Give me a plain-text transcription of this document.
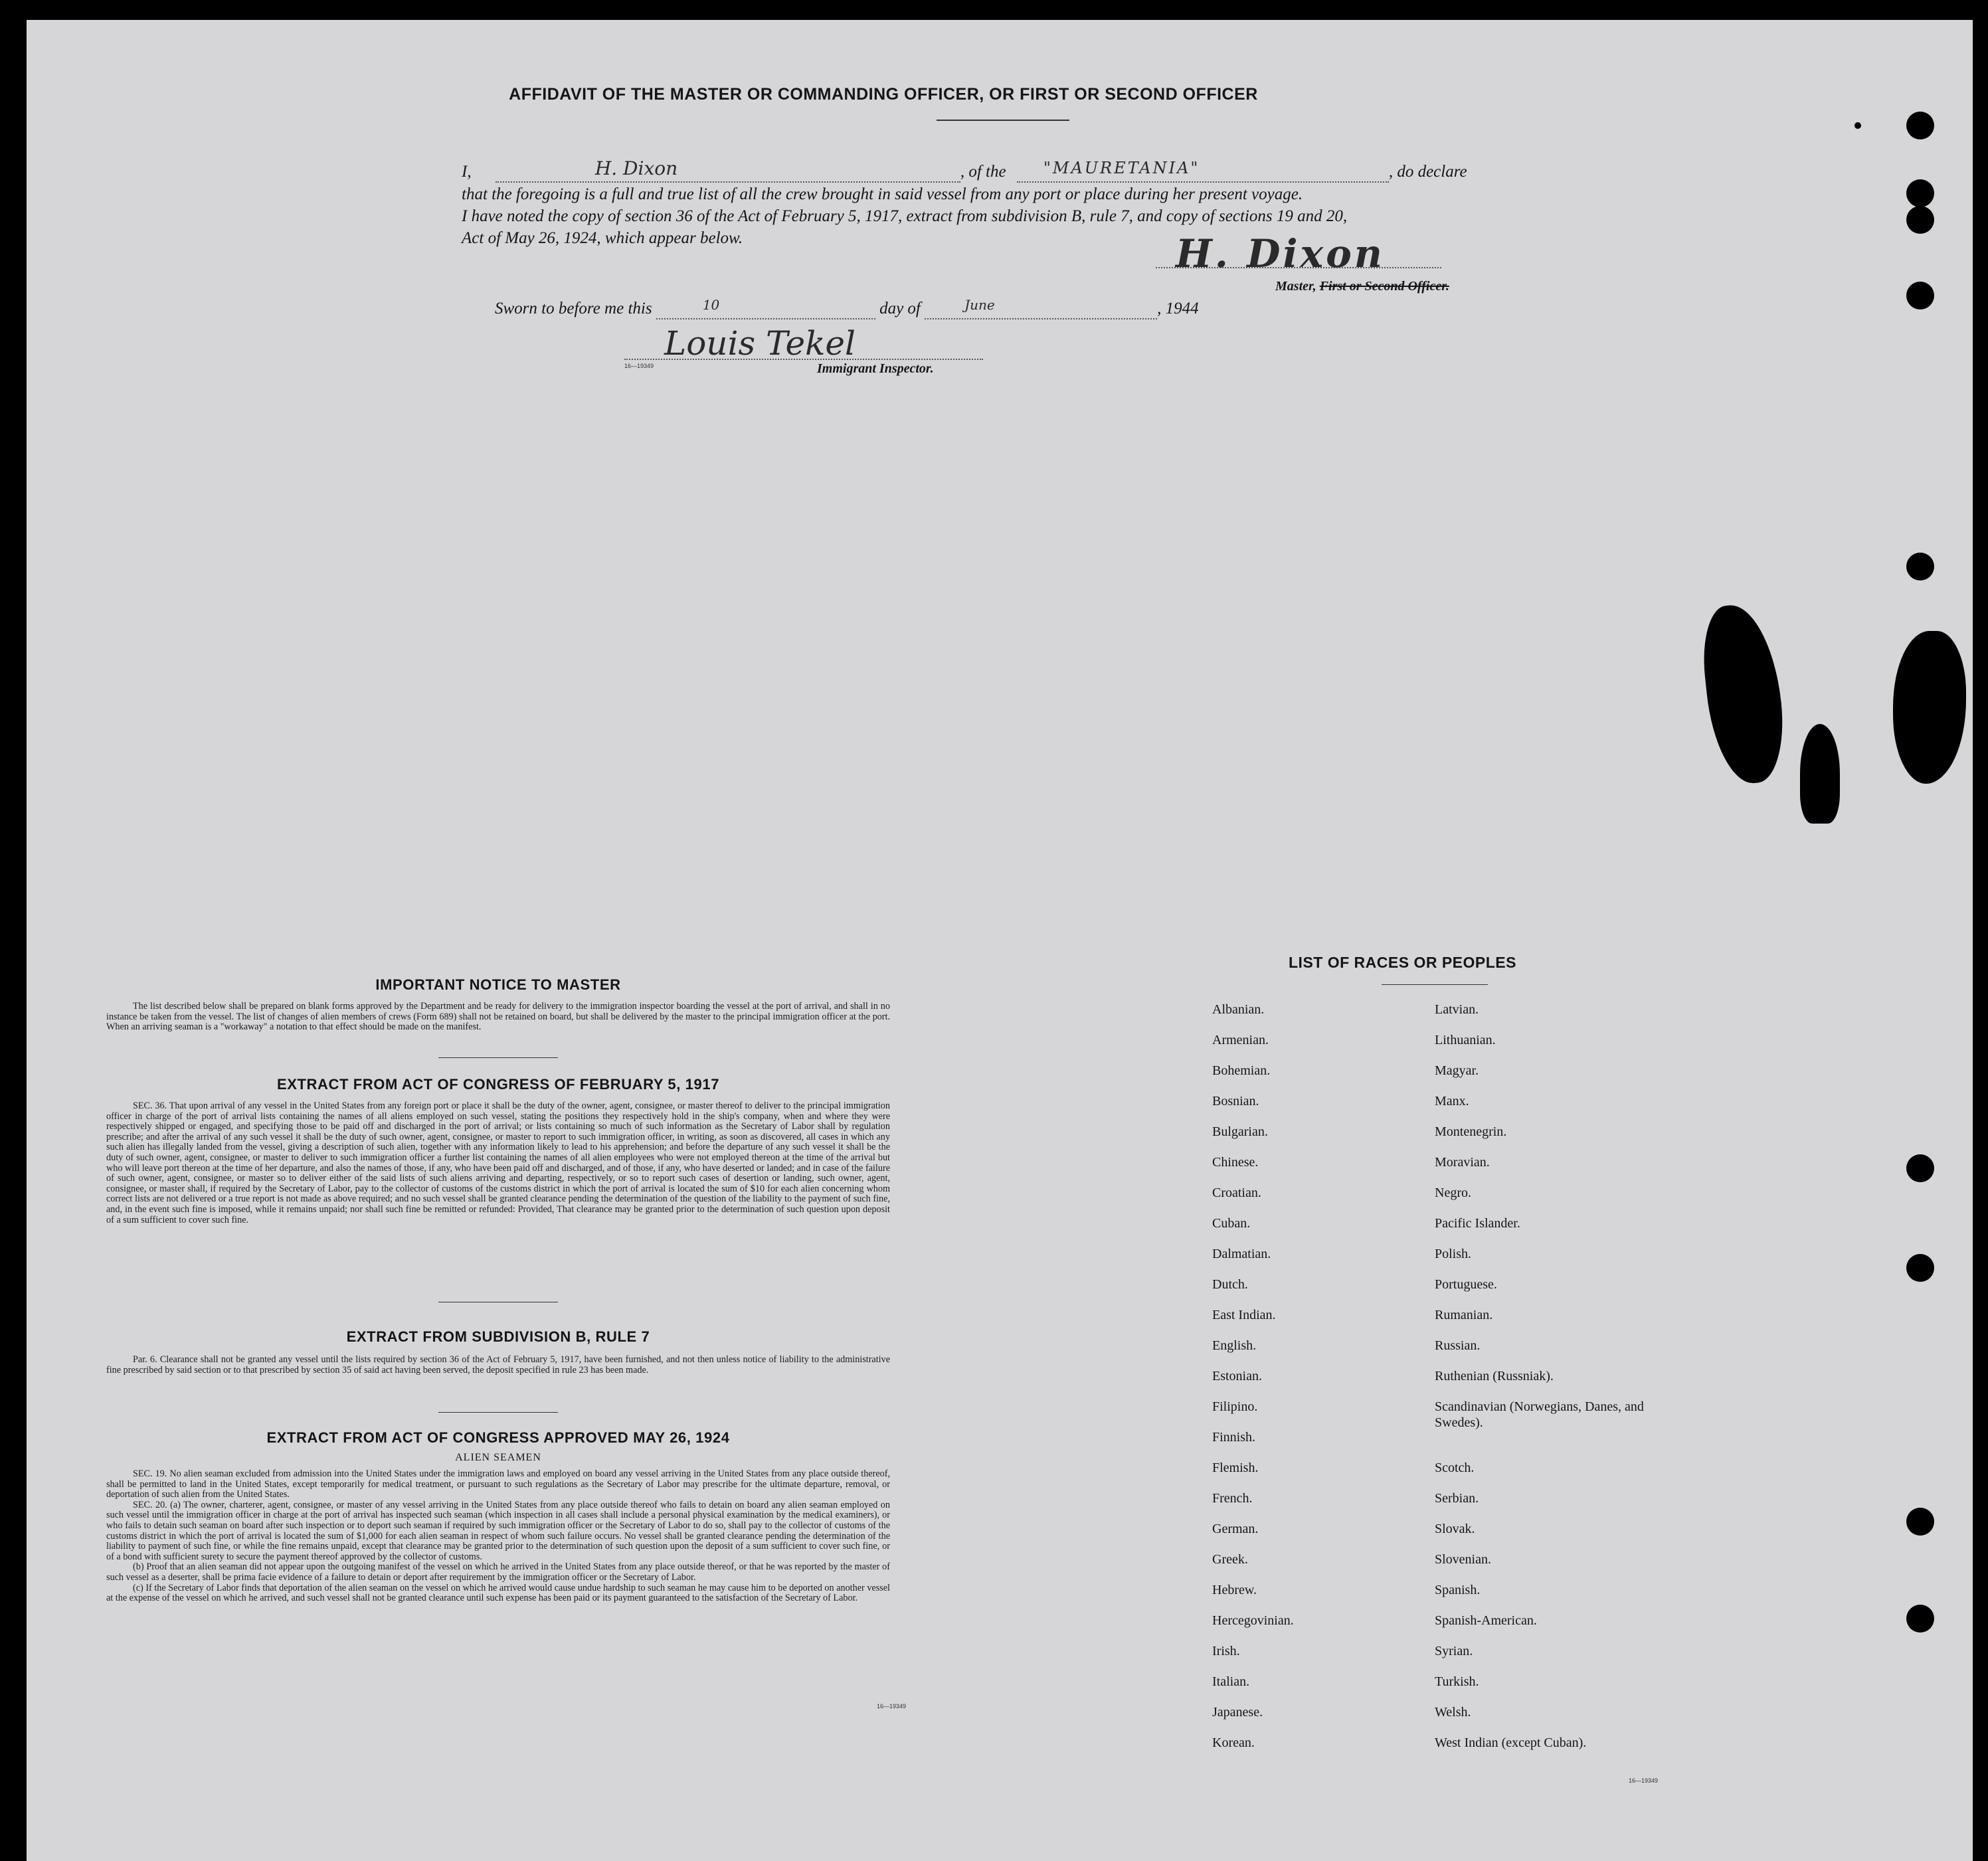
AFFIDAVIT OF THE MASTER OR COMMANDING OFFICER, OR FIRST OR SECOND OFFICER
I,	H. Dixon	, of the "MAURETANIA"	, do declare
that the foregoing is a full and true list of all the crew brought in said vessel from any port or place during her present voyage.
I have noted the copy of section 36 of the Act of February 5, 1917, extract from subdivision B, rule 7, and copy of sections 19 and 20,
Act of May 26, 1924, which appear below.	H. Dixon
Master, First or Second Officer.
Sworn to before me this	10	day of	June	, 1944
Louis Tekel
16—19349	Immigrant Inspector.
IMPORTANT NOTICE TO MASTER
The list described below shall be prepared on blank forms approved by the Department and be ready for delivery to the immigration inspector boarding the vessel at the port of arrival, and shall in no instance be taken from the vessel. The list of changes of alien members of crews (Form 689) shall not be retained on board, but shall be delivered by the master to the principal immigration officer at the port. When an arriving seaman is a "workaway" a notation to that effect should be made on the manifest.
EXTRACT FROM ACT OF CONGRESS OF FEBRUARY 5, 1917
SEC. 36. That upon arrival of any vessel in the United States from any foreign port or place it shall be the duty of the owner, agent, consignee, or master thereof to deliver to the principal immigration officer in charge of the port of arrival lists containing the names of all aliens employed on such vessel, stating the positions they respectively hold in the ship's company, when and where they were respectively shipped or engaged, and specifying those to be paid off and discharged in the port of arrival; or lists containing so much of such information as the Secretary of Labor shall by regulation prescribe; and after the arrival of any such vessel it shall be the duty of such owner, agent, consignee, or master to report to such immigration officer, in writing, as soon as discovered, all cases in which any such alien has illegally landed from the vessel, giving a description of such alien, together with any information likely to lead to his apprehension; and before the departure of any such vessel it shall be the duty of such owner, agent, consignee, or master to deliver to such immigration officer a further list containing the names of all alien employees who were not employed thereon at the time of the arrival but who will leave port thereon at the time of her departure, and also the names of those, if any, who have been paid off and discharged, and of those, if any, who have deserted or landed; and in case of the failure of such owner, agent, consignee, or master so to deliver either of the said lists of such aliens arriving and departing, respectively, or so to report such cases of desertion or landing, such owner, agent, consignee, or master shall, if required by the Secretary of Labor, pay to the collector of customs of the customs district in which the port of arrival is located the sum of $10 for each alien concerning whom correct lists are not delivered or a true report is not made as above required; and no such vessel shall be granted clearance pending the determination of the question of the liability to the payment of such fine, and, in the event such fine is imposed, while it remains unpaid; nor shall such fine be remitted or refunded: Provided, That clearance may be granted prior to the determination of such question upon deposit of a sum sufficient to cover such fine.
EXTRACT FROM SUBDIVISION B, RULE 7
Par. 6. Clearance shall not be granted any vessel until the lists required by section 36 of the Act of February 5, 1917, have been furnished, and not then unless notice of liability to the administrative fine prescribed by said section or to that prescribed by section 35 of said act having been served, the deposit specified in rule 23 has been made.
EXTRACT FROM ACT OF CONGRESS APPROVED MAY 26, 1924
ALIEN SEAMEN
SEC. 19. No alien seaman excluded from admission into the United States under the immigration laws and employed on board any vessel arriving in the United States from any place outside thereof, shall be permitted to land in the United States, except temporarily for medical treatment, or pursuant to such regulations as the Secretary of Labor may prescribe for the ultimate departure, removal, or deportation of such alien from the United States.
SEC. 20. (a) The owner, charterer, agent, consignee, or master of any vessel arriving in the United States from any place outside thereof who fails to detain on board any alien seaman employed on such vessel until the immigration officer in charge at the port of arrival has inspected such seaman (which inspection in all cases shall include a personal physical examination by the medical examiners), or who fails to detain such seaman on board after such inspection or to deport such seaman if required by such immigration officer or the Secretary of Labor to do so, shall pay to the collector of customs of the customs district in which the port of arrival is located the sum of $1,000 for each alien seaman in respect of whom such failure occurs. No vessel shall be granted clearance pending the determination of the liability to payment of such fine, or while the fine remains unpaid, except that clearance may be granted prior to the determination of such question upon the deposit of a sum sufficient to cover such fine, or of a bond with sufficient surety to secure the payment thereof approved by the collector of customs.
(b) Proof that an alien seaman did not appear upon the outgoing manifest of the vessel on which he arrived in the United States from any place outside thereof, or that he was reported by the master of such vessel as a deserter, shall be prima facie evidence of a failure to detain or deport after requirement by the immigration officer or the Secretary of Labor.
(c) If the Secretary of Labor finds that deportation of the alien seaman on the vessel on which he arrived would cause undue hardship to such seaman he may cause him to be deported on another vessel at the expense of the vessel on which he arrived, and such vessel shall not be granted clearance until such expense has been paid or its payment guaranteed to the satisfaction of the Secretary of Labor.
16—19349
LIST OF RACES OR PEOPLES
Albanian.
Armenian.
Bohemian.
Bosnian.
Bulgarian.
Chinese.
Croatian.
Cuban.
Dalmatian.
Dutch.
East Indian.
English.
Estonian.
Filipino.
Finnish.
Flemish.
French.
German.
Greek.
Hebrew.
Hercegovinian.
Irish.
Italian.
Japanese.
Korean.
Latvian.
Lithuanian.
Magyar.
Manx.
Montenegrin.
Moravian.
Negro.
Pacific Islander.
Polish.
Portuguese.
Rumanian.
Russian.
Ruthenian (Russniak).
Scandinavian (Norwegians, Danes, and Swedes).
Scotch.
Serbian.
Slovak.
Slovenian.
Spanish.
Spanish-American.
Syrian.
Turkish.
Welsh.
West Indian (except Cuban).
16—19349
